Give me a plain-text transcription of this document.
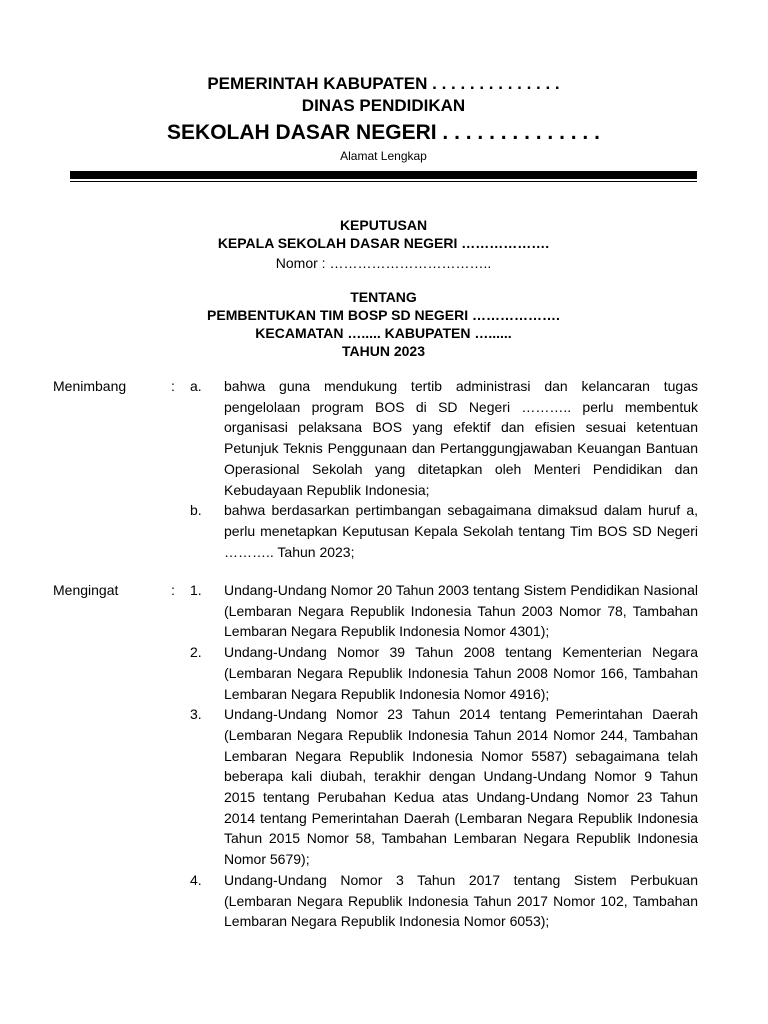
PEMERINTAH KABUPATEN . . . . . . . . . . . . . .
DINAS PENDIDIKAN
SEKOLAH DASAR NEGERI . . . . . . . . . . . . . .
Alamat Lengkap
KEPUTUSAN
KEPALA SEKOLAH DASAR NEGERI ……………….
Nomor : ……………………………..
TENTANG
PEMBENTUKAN TIM BOSP SD NEGERI ……………….
KECAMATAN …..... KABUPATEN …......
TAHUN 2023
Menimbang	: a. bahwa guna mendukung tertib administrasi dan kelancaran tugas pengelolaan program BOS di SD Negeri ……….. perlu membentuk organisasi pelaksana BOS yang efektif dan efisien sesuai ketentuan Petunjuk Teknis Penggunaan dan Pertanggungjawaban Keuangan Bantuan Operasional Sekolah yang ditetapkan oleh Menteri Pendidikan dan Kebudayaan Republik Indonesia;

b. bahwa berdasarkan pertimbangan sebagaimana dimaksud dalam huruf a, perlu menetapkan Keputusan Kepala Sekolah tentang Tim BOS SD Negeri ……….. Tahun 2023;

Mengingat	: 1. Undang-Undang Nomor 20 Tahun 2003 tentang Sistem Pendidikan Nasional (Lembaran Negara Republik Indonesia Tahun 2003 Nomor 78, Tambahan Lembaran Negara Republik Indonesia Nomor 4301);

2. Undang-Undang Nomor 39 Tahun 2008 tentang Kementerian Negara (Lembaran Negara Republik Indonesia Tahun 2008 Nomor 166, Tambahan Lembaran Negara Republik Indonesia Nomor 4916);

3. Undang-Undang Nomor 23 Tahun 2014 tentang Pemerintahan Daerah (Lembaran Negara Republik Indonesia Tahun 2014 Nomor 244, Tambahan Lembaran Negara Republik Indonesia Nomor 5587) sebagaimana telah beberapa kali diubah, terakhir dengan Undang-Undang Nomor 9 Tahun 2015 tentang Perubahan Kedua atas Undang-Undang Nomor 23 Tahun 2014 tentang Pemerintahan Daerah (Lembaran Negara Republik Indonesia Tahun 2015 Nomor 58, Tambahan Lembaran Negara Republik Indonesia Nomor 5679);

4. Undang-Undang Nomor 3 Tahun 2017 tentang Sistem Perbukuan (Lembaran Negara Republik Indonesia Tahun 2017 Nomor 102, Tambahan Lembaran Negara Republik Indonesia Nomor 6053);
